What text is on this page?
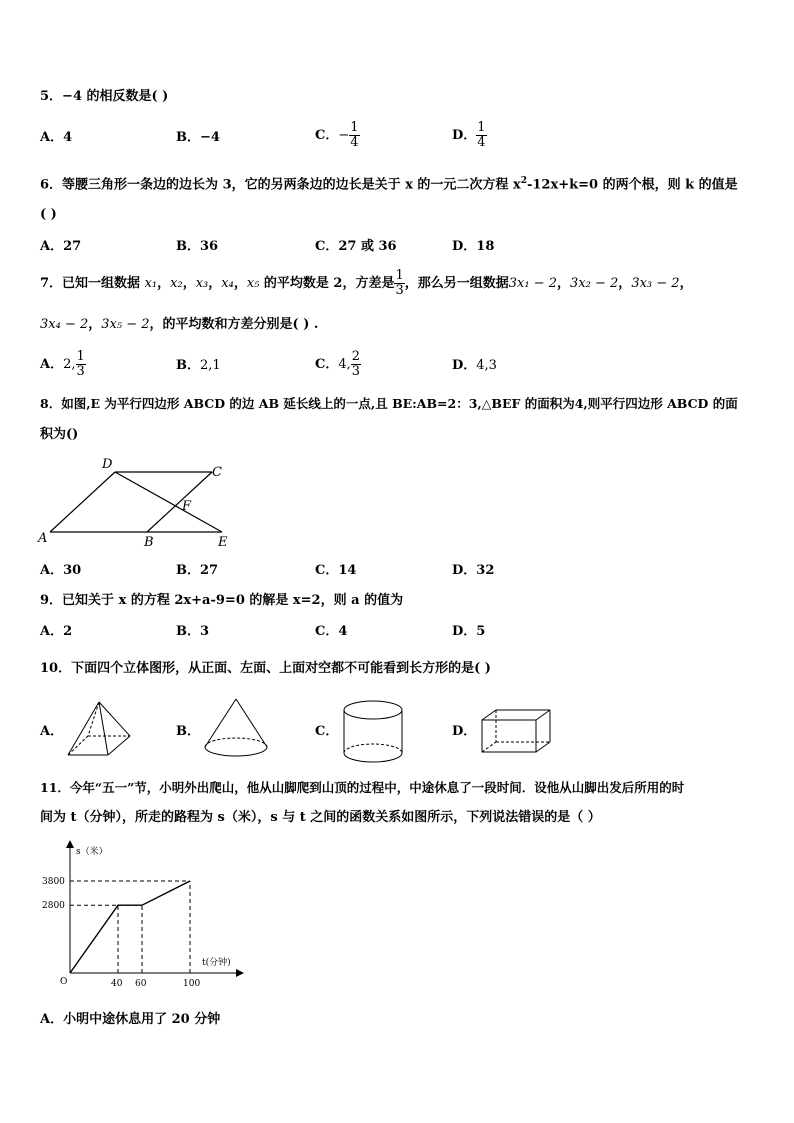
5．−4 的相反数是( )
A．4	B．−4	C．− $\frac{1}{4}$	D． $\frac{1}{4}$
6．等腰三角形一条边的边长为 3，它的另两条边的边长是关于 x 的一元二次方程 $x^2-12x+k=0$ 的两个根，则 k 的值是
( )
A．27	B．36	C．27 或 36	D．18
7．已知一组数据 x₁，x₂，x₃，x₄，x₅ 的平均数是 2，方差是 $\frac{1}{3}$ ，那么另一组数据3x₁ − 2，3x₂ − 2，3x₃ − 2，
3x₄ − 2，3x₅ − 2，的平均数和方差分别是( ) .
A．2, $\frac{1}{3}$	B．2,1	C．4, $\frac{2}{3}$	D．4,3
8．如图,E 为平行四边形 ABCD 的边 AB 延长线上的一点,且 BE:AB=2：3,△BEF 的面积为4,则平行四边形 ABCD 的面
积为()
A	B	E
D
C
F
A．30	B．27	C．14	D．32
9．已知关于 x 的方程 2x+a-9=0 的解是 x=2，则 a 的值为
A．2	B．3	C．4	D．5
10．下面四个立体图形，从正面、左面、上面对空都不可能看到长方形的是( )
A．	B．	C．	D．
11．今年“五一”节，小明外出爬山，他从山脚爬到山顶的过程中，中途休息了一段时间．设他从山脚出发后所用的时
间为 t（分钟），所走的路程为 s（米），s 与 t 之间的函数关系如图所示，下列说法错误的是（ ）
s（米）
t(分钟)
O	40 60	100
2800
3800
A．小明中途休息用了 20 分钟
